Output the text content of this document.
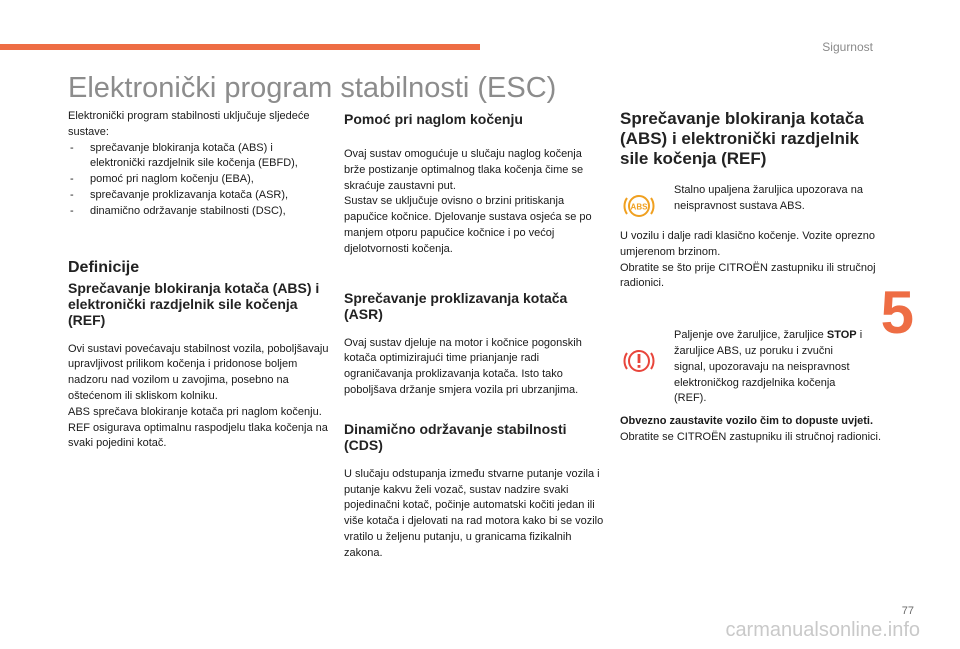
Sigurnost
Elektronički program stabilnosti (ESC)

Elektronički program stabilnosti uključuje sljedeće sustave:

- sprečavanje blokiranja kotača (ABS) i elektronički razdjelnik sile kočenja (EBFD),
- pomoć pri naglom kočenju (EBA),
- sprečavanje proklizavanja kotača (ASR),
- dinamično održavanje stabilnosti (DSC),
Definicije
Sprečavanje blokiranja kotača (ABS) i elektronički razdjelnik sile kočenja (REF)

Ovi sustavi povećavaju stabilnost vozila, poboljšavaju upravljivost prilikom kočenja i pridonose boljem nadzoru nad vozilom u zavojima, posebno na oštećenom ili skliskom kolniku.

ABS sprečava blokiranje kotača pri naglom kočenju.

REF osigurava optimalnu raspodjelu tlaka kočenja na svaki pojedini kotač.

Pomoć pri naglom kočenju

Ovaj sustav omogućuje u slučaju naglog kočenja brže postizanje optimalnog tlaka kočenja čime se skraćuje zaustavni put.

Sustav se uključuje ovisno o brzini pritiskanja papučice kočnice. Djelovanje sustava osjeća se po manjem otporu papučice kočnice i po većoj djelotvornosti kočenja.

Sprečavanje proklizavanja kotača (ASR)

Ovaj sustav djeluje na motor i kočnice pogonskih kotača optimizirajući time prianjanje radi ograničavanja proklizavanja kotača. Isto tako poboljšava držanje smjera vozila pri ubrzanjima.

Dinamično održavanje stabilnosti (CDS)

U slučaju odstupanja između stvarne putanje vozila i putanje kakvu želi vozač, sustav nadzire svaki pojedinačni kotač, počinje automatski kočiti jedan ili više kotača i djelovati na rad motora kako bi se vozilo vratilo u željenu putanju, u granicama fizikalnih zakona.

Sprečavanje blokiranja kotača (ABS) i elektronički razdjelnik sile kočenja (REF)
ABS

Stalno upaljena žaruljica upozorava na neispravnost sustava ABS.

U vozilu i dalje radi klasično kočenje. Vozite oprezno umjerenom brzinom.

Obratite se što prije CITROËN zastupniku ili stručnoj radionici.

Paljenje ove žaruljice, žaruljice STOP i žaruljice ABS, uz poruku i zvučni signal, upozoravaju na neispravnost elektroničkog razdjelnika kočenja (REF).

Obvezno zaustavite vozilo čim to dopuste uvjeti.

Obratite se CITROËN zastupniku ili stručnoj radionici.

5
77
carmanualsonline.info
